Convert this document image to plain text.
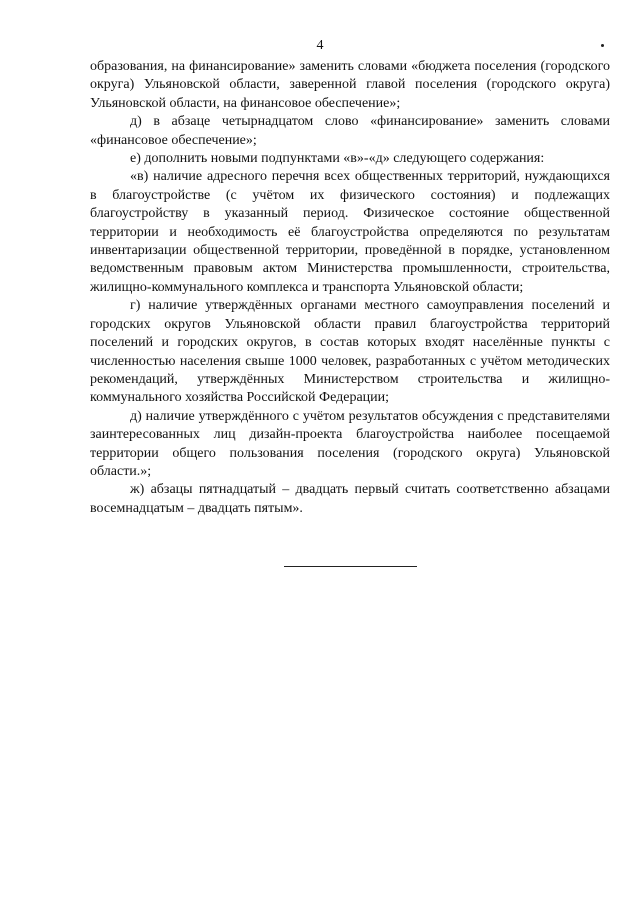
4

образования, на финансирование» заменить словами «бюджета поселения (городского округа) Ульяновской области, заверенной главой поселения (городского округа) Ульяновской области, на финансовое обеспечение»;

д) в абзаце четырнадцатом слово «финансирование» заменить словами «финансовое обеспечение»;

е) дополнить новыми подпунктами «в»-«д» следующего содержания:

«в) наличие адресного перечня всех общественных территорий, нуждающихся в благоустройстве (с учётом их физического состояния) и подлежащих благоустройству в указанный период. Физическое состояние общественной территории и необходимость её благоустройства определяются по результатам инвентаризации общественной территории, проведённой в порядке, установленном ведомственным правовым актом Министерства промышленности, строительства, жилищно-коммунального комплекса и транспорта Ульяновской области;

г) наличие утверждённых органами местного самоуправления поселений и городских округов Ульяновской области правил благоустройства территорий поселений и городских округов, в состав которых входят населённые пункты с численностью населения свыше 1000 человек, разработанных с учётом методических рекомендаций, утверждённых Министерством строительства и жилищно-коммунального хозяйства Российской Федерации;

д) наличие утверждённого с учётом результатов обсуждения с представителями заинтересованных лиц дизайн-проекта благоустройства наиболее посещаемой территории общего пользования поселения (городского округа) Ульяновской области.»;

ж) абзацы пятнадцатый – двадцать первый считать соответственно абзацами восемнадцатым – двадцать пятым».
